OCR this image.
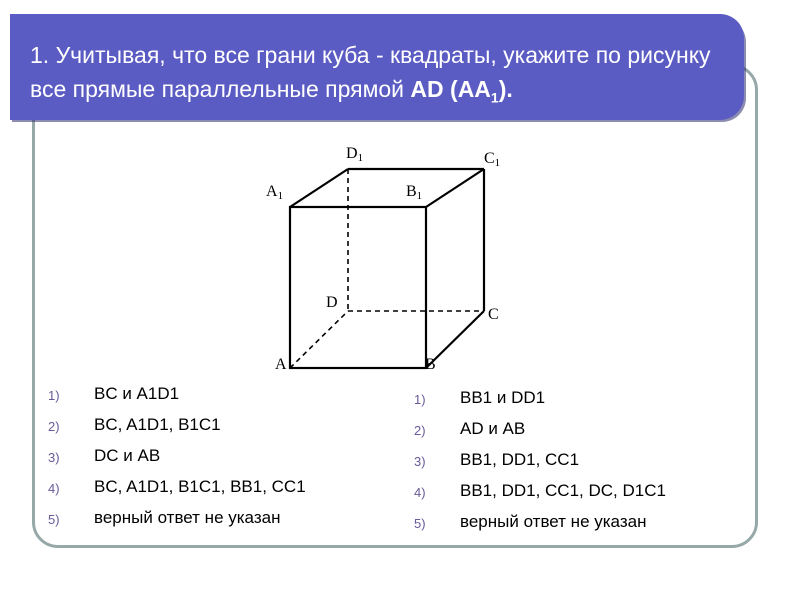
1. Учитывая, что все грани куба - квадраты, укажите по рисунку все прямые параллельные прямой AD $(AA_1)$.
D1	C1
A1	B1
D
C
A	B
1)	BC и A1D1
2)	BC, A1D1, B1C1
3)	DC и AB
4)	BC, A1D1, B1C1, BB1, CC1
5)	верный ответ не указан
1)	BB1 и DD1
2)	AD и AB
3)	BB1, DD1, CC1
4)	BB1, DD1, CC1, DC, D1C1
5)	верный ответ не указан
